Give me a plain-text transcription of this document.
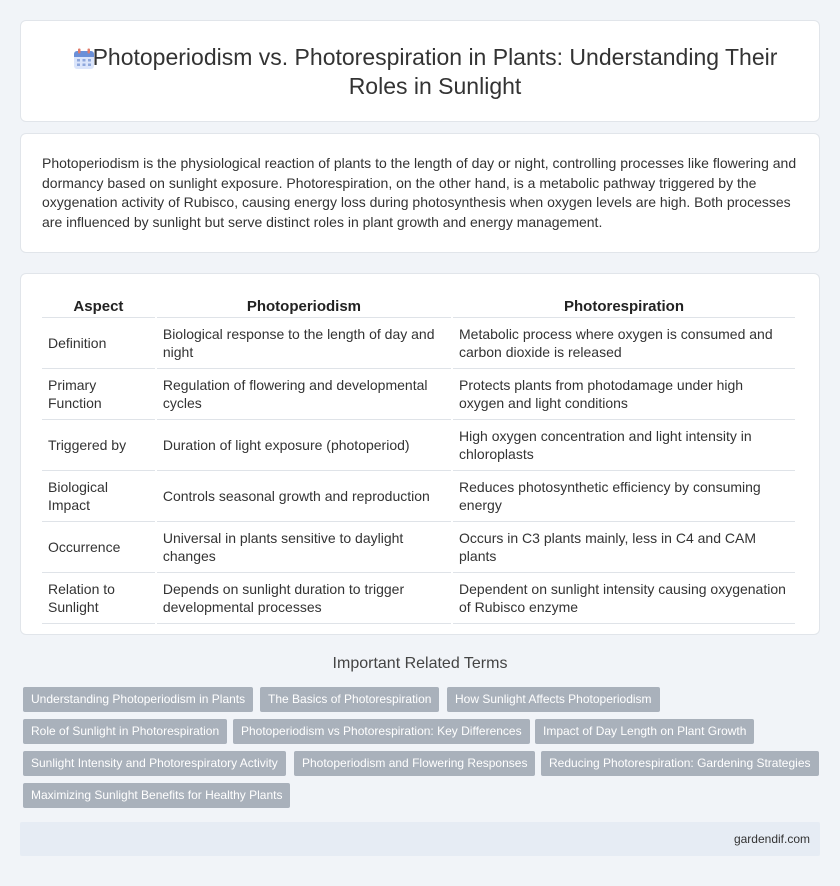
Photoperiodism vs. Photorespiration in Plants: Understanding Their Roles in Sunlight

Photoperiodism is the physiological reaction of plants to the length of day or night, controlling processes like flowering and dormancy based on sunlight exposure. Photorespiration, on the other hand, is a metabolic pathway triggered by the oxygenation activity of Rubisco, causing energy loss during photosynthesis when oxygen levels are high. Both processes are influenced by sunlight but serve distinct roles in plant growth and energy management.

Aspect	Photoperiodism	Photorespiration
Definition	Biological response to the length of day and night	Metabolic process where oxygen is consumed and carbon dioxide is released
Primary Function	Regulation of flowering and developmental cycles	Protects plants from photodamage under high oxygen and light conditions
Triggered by	Duration of light exposure (photoperiod)	High oxygen concentration and light intensity in chloroplasts
Biological Impact	Controls seasonal growth and reproduction	Reduces photosynthetic efficiency by consuming energy
Occurrence	Universal in plants sensitive to daylight changes	Occurs in C3 plants mainly, less in C4 and CAM plants
Relation to Sunlight	Depends on sunlight duration to trigger developmental processes	Dependent on sunlight intensity causing oxygenation of Rubisco enzyme
Important Related Terms
Understanding Photoperiodism in Plants	The Basics of Photorespiration	How Sunlight Affects Photoperiodism
Role of Sunlight in Photorespiration	Photoperiodism vs Photorespiration: Key Differences	Impact of Day Length on Plant Growth
Sunlight Intensity and Photorespiratory Activity	Photoperiodism and Flowering Responses	Reducing Photorespiration: Gardening Strategies
Maximizing Sunlight Benefits for Healthy Plants
gardendif.com
